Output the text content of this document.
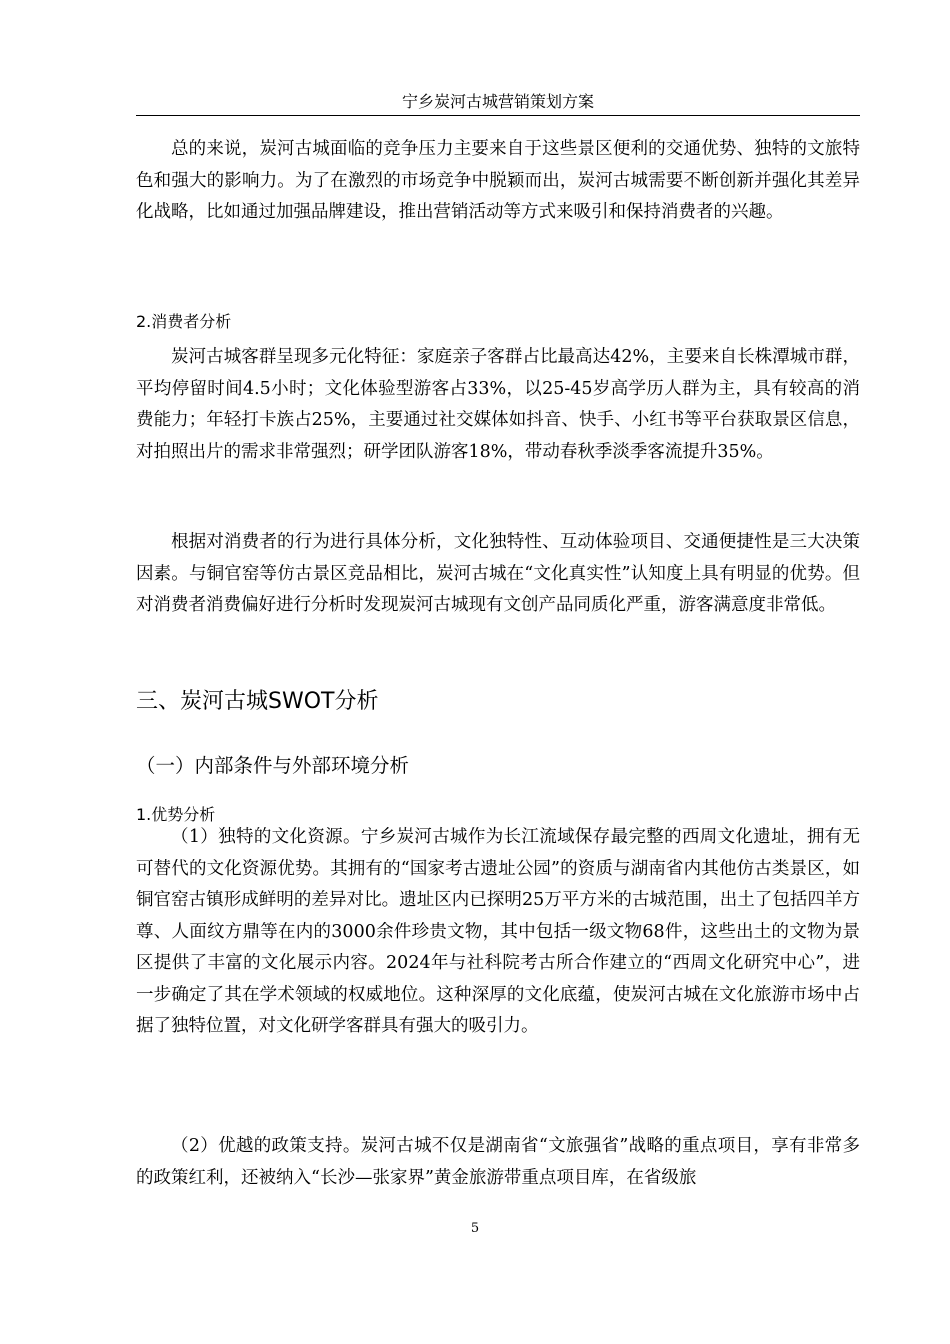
宁乡炭河古城营销策划方案

总的来说，炭河古城面临的竞争压力主要来自于这些景区便利的交通优势、独特的文旅特色和强大的影响力。为了在激烈的市场竞争中脱颖而出，炭河古城需要不断创新并强化其差异化战略，比如通过加强品牌建设，推出营销活动等方式来吸引和保持消费者的兴趣。

2.消费者分析

炭河古城客群呈现多元化特征：家庭亲子客群占比最高达42%，主要来自长株潭城市群，平均停留时间4.5小时；文化体验型游客占33%，以25-45岁高学历人群为主，具有较高的消费能力；年轻打卡族占25%，主要通过社交媒体如抖音、快手、小红书等平台获取景区信息，对拍照出片的需求非常强烈；研学团队游客18%，带动春秋季淡季客流提升35%。

根据对消费者的行为进行具体分析，文化独特性、互动体验项目、交通便捷性是三大决策因素。与铜官窑等仿古景区竞品相比，炭河古城在“文化真实性”认知度上具有明显的优势。但对消费者消费偏好进行分析时发现炭河古城现有文创产品同质化严重，游客满意度非常低。

三、炭河古城SWOT分析
（一）内部条件与外部环境分析
1.优势分析

（1）独特的文化资源。宁乡炭河古城作为长江流域保存最完整的西周文化遗址，拥有无可替代的文化资源优势。其拥有的“国家考古遗址公园”的资质与湖南省内其他仿古类景区，如铜官窑古镇形成鲜明的差异对比。遗址区内已探明25万平方米的古城范围，出土了包括四羊方尊、人面纹方鼎等在内的3000余件珍贵文物，其中包括一级文物68件，这些出土的文物为景区提供了丰富的文化展示内容。2024年与社科院考古所合作建立的“西周文化研究中心”，进一步确定了其在学术领域的权威地位。这种深厚的文化底蕴，使炭河古城在文化旅游市场中占据了独特位置，对文化研学客群具有强大的吸引力。

（2）优越的政策支持。炭河古城不仅是湖南省“文旅强省”战略的重点项目，享有非常多的政策红利，还被纳入“长沙—张家界”黄金旅游带重点项目库，在省级旅

5
